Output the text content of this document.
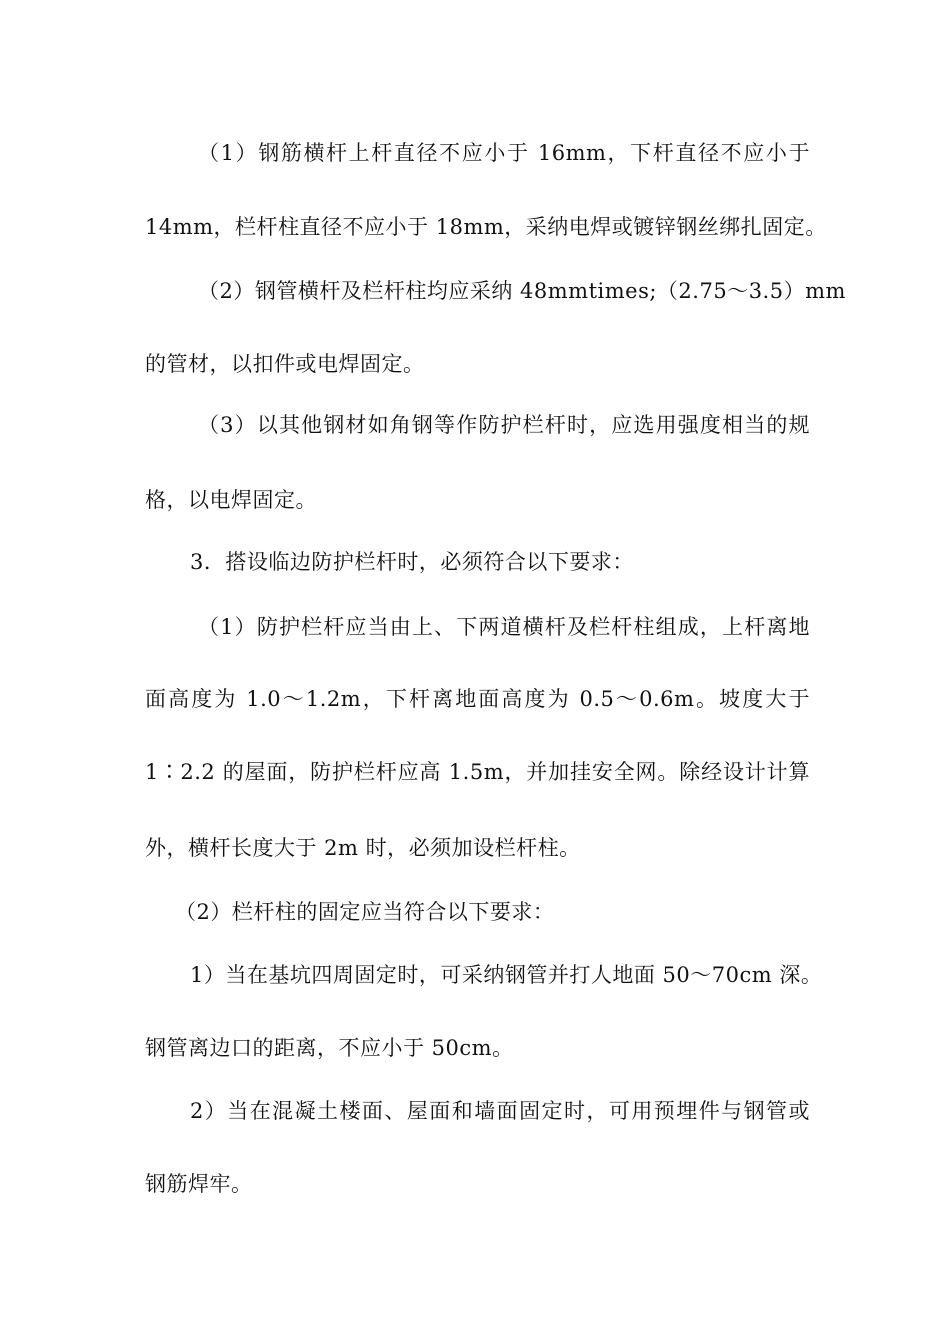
（1）钢筋横杆上杆直径不应小于 16mm，下杆直径不应小于
14mm，栏杆柱直径不应小于 18mm，采纳电焊或镀锌钢丝绑扎固定。
（2）钢管横杆及栏杆柱均应采纳 48mmtimes;（2.75～3.5）mm
的管材，以扣件或电焊固定。
（3）以其他钢材如角钢等作防护栏杆时，应选用强度相当的规
格，以电焊固定。
3．搭设临边防护栏杆时，必须符合以下要求：
（1）防护栏杆应当由上、下两道横杆及栏杆柱组成，上杆离地
面高度为 1.0～1.2m，下杆离地面高度为 0.5～0.6m。坡度大于
1∶2.2 的屋面，防护栏杆应高 1.5m，并加挂安全网。除经设计计算
外，横杆长度大于 2m 时，必须加设栏杆柱。
（2）栏杆柱的固定应当符合以下要求：
1）当在基坑四周固定时，可采纳钢管并打人地面 50～70cm 深。
钢管离边口的距离，不应小于 50cm。
2）当在混凝土楼面、屋面和墙面固定时，可用预埋件与钢管或
钢筋焊牢。
